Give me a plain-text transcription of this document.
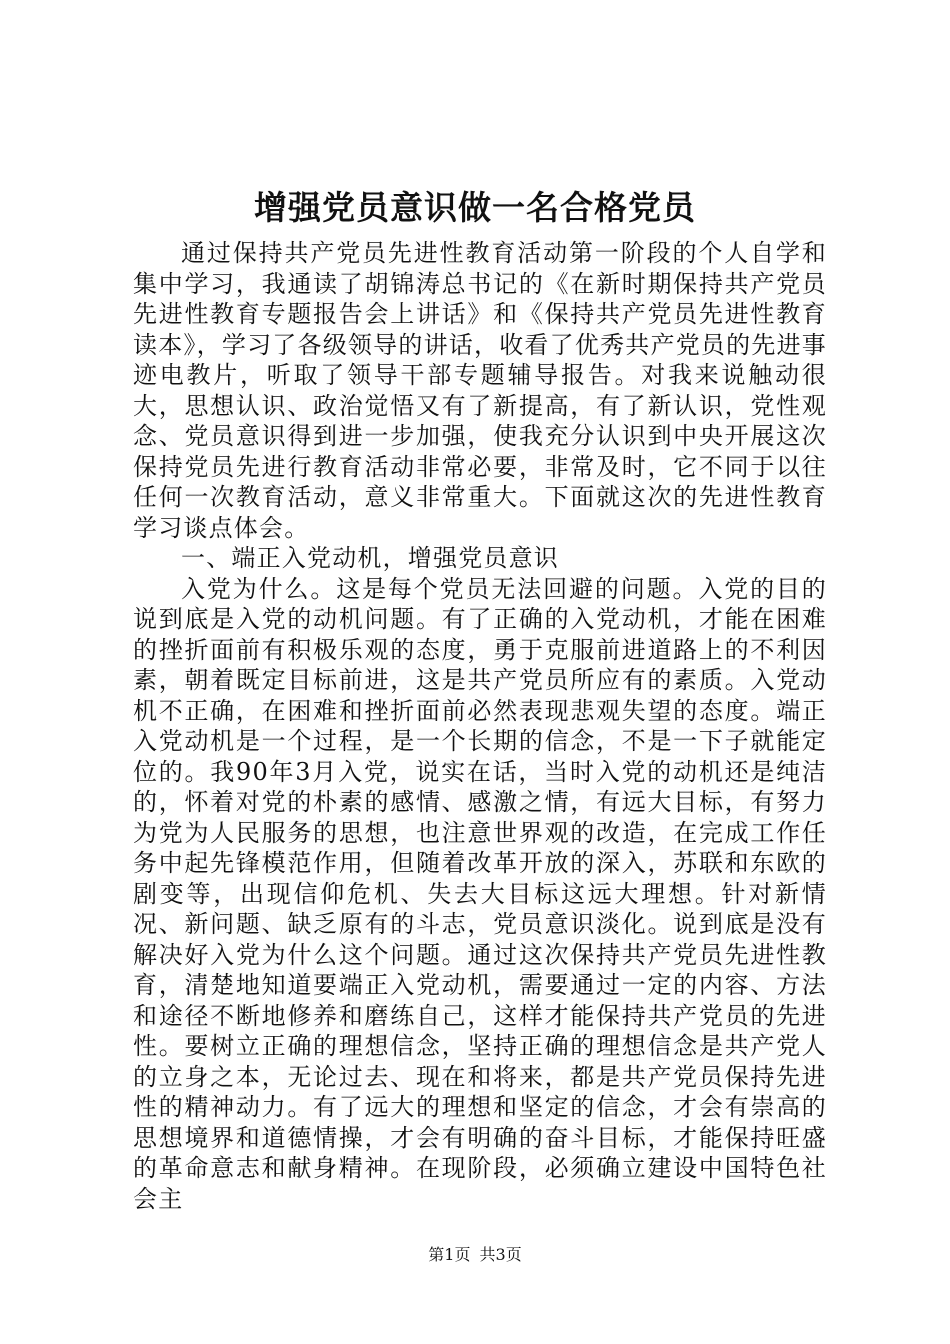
增强党员意识做一名合格党员

通过保持共产党员先进性教育活动第一阶段的个人自学和集中学习，我通读了胡锦涛总书记的《在新时期保持共产党员先进性教育专题报告会上讲话》和《保持共产党员先进性教育读本》，学习了各级领导的讲话，收看了优秀共产党员的先进事迹电教片，听取了领导干部专题辅导报告。对我来说触动很大，思想认识、政治觉悟又有了新提高，有了新认识，党性观念、党员意识得到进一步加强，使我充分认识到中央开展这次保持党员先进行教育活动非常必要，非常及时，它不同于以往任何一次教育活动，意义非常重大。下面就这次的先进性教育学习谈点体会。

一、端正入党动机，增强党员意识

入党为什么。这是每个党员无法回避的问题。入党的目的说到底是入党的动机问题。有了正确的入党动机，才能在困难的挫折面前有积极乐观的态度，勇于克服前进道路上的不利因素，朝着既定目标前进，这是共产党员所应有的素质。入党动机不正确，在困难和挫折面前必然表现悲观失望的态度。端正入党动机是一个过程，是一个长期的信念，不是一下子就能定位的。我90年3月入党，说实在话，当时入党的动机还是纯洁的，怀着对党的朴素的感情、感激之情，有远大目标，有努力为党为人民服务的思想，也注意世界观的改造，在完成工作任务中起先锋模范作用，但随着改革开放的深入，苏联和东欧的剧变等，出现信仰危机、失去大目标这远大理想。针对新情况、新问题、缺乏原有的斗志，党员意识淡化。说到底是没有解决好入党为什么这个问题。通过这次保持共产党员先进性教育，清楚地知道要端正入党动机，需要通过一定的内容、方法和途径不断地修养和磨练自己，这样才能保持共产党员的先进性。要树立正确的理想信念，坚持正确的理想信念是共产党人的立身之本，无论过去、现在和将来，都是共产党员保持先进性的精神动力。有了远大的理想和坚定的信念，才会有崇高的思想境界和道德情操，才会有明确的奋斗目标，才能保持旺盛的革命意志和献身精神。在现阶段，必须确立建设中国特色社会主

第1页 共3页
